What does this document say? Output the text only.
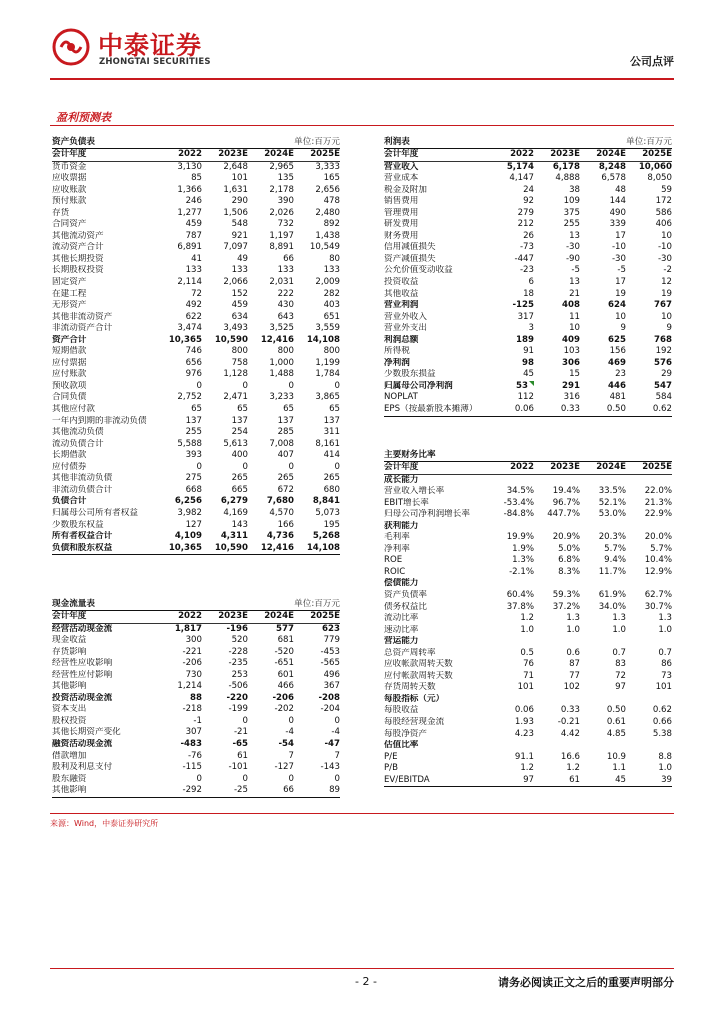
中泰证券
ZHONGTAI SECURITIES	公司点评
盈利预测表
资产负债表	单位:百万元
会计年度	2022	2023E	2024E	2025E
货币资金	3,130	2,648	2,965	3,333
应收票据	85	101	135	165
应收账款	1,366	1,631	2,178	2,656
预付账款	246	290	390	478
存货	1,277	1,506	2,026	2,480
合同资产	459	548	732	892
其他流动资产	787	921	1,197	1,438
流动资产合计	6,891	7,097	8,891	10,549
其他长期投资	41	49	66	80
长期股权投资	133	133	133	133
固定资产	2,114	2,066	2,031	2,009
在建工程	72	152	222	282
无形资产	492	459	430	403
其他非流动资产	622	634	643	651
非流动资产合计	3,474	3,493	3,525	3,559
资产合计	10,365	10,590	12,416	14,108
短期借款	746	800	800	800
应付票据	656	758	1,000	1,199
应付账款	976	1,128	1,488	1,784
预收款项	0	0	0	0
合同负债	2,752	2,471	3,233	3,865
其他应付款	65	65	65	65
一年内到期的非流动负债	137	137	137	137
其他流动负债	255	254	285	311
流动负债合计	5,588	5,613	7,008	8,161
长期借款	393	400	407	414
应付债券	0	0	0	0
其他非流动负债	275	265	265	265
非流动负债合计	668	665	672	680
负债合计	6,256	6,279	7,680	8,841
归属母公司所有者权益	3,982	4,169	4,570	5,073
少数股东权益	127	143	166	195
所有者权益合计	4,109	4,311	4,736	5,268
负债和股东权益	10,365	10,590	12,416	14,108
现金流量表	单位:百万元
会计年度	2022	2023E	2024E	2025E
经营活动现金流	1,817	-196	577	623
现金收益	300	520	681	779
存货影响	-221	-228	-520	-453
经营性应收影响	-206	-235	-651	-565
经营性应付影响	730	253	601	496
其他影响	1,214	-506	466	367
投资活动现金流	88	-220	-206	-208
资本支出	-218	-199	-202	-204
股权投资	-1	0	0	0
其他长期资产变化	307	-21	-4	-4
融资活动现金流	-483	-65	-54	-47
借款增加	-76	61	7	7
股利及利息支付	-115	-101	-127	-143
股东融资	0	0	0	0
其他影响	-292	-25	66	89
利润表	单位:百万元
会计年度	2022	2023E	2024E	2025E
营业收入	5,174	6,178	8,248	10,060
营业成本	4,147	4,888	6,578	8,050
税金及附加	24	38	48	59
销售费用	92	109	144	172
管理费用	279	375	490	586
研发费用	212	255	339	406
财务费用	26	13	17	10
信用减值损失	-73	-30	-10	-10
资产减值损失	-447	-90	-30	-30
公允价值变动收益	-23	-5	-5	-2
投资收益	6	13	17	12
其他收益	18	21	19	19
营业利润	-125	408	624	767
营业外收入	317	11	10	10
营业外支出	3	10	9	9
利润总额	189	409	625	768
所得税	91	103	156	192
净利润	98	306	469	576
少数股东损益	45	15	23	29
归属母公司净利润	53	291	446	547
NOPLAT	112	316	481	584
EPS（按最新股本摊薄）	0.06	0.33	0.50	0.62
主要财务比率
会计年度	2022	2023E	2024E	2025E
成长能力
营业收入增长率	34.5%	19.4%	33.5%	22.0%
EBIT增长率	-53.4%	96.7%	52.1%	21.3%
归母公司净利润增长率	-84.8%	447.7%	53.0%	22.9%
获利能力
毛利率	19.9%	20.9%	20.3%	20.0%
净利率	1.9%	5.0%	5.7%	5.7%
ROE	1.3%	6.8%	9.4%	10.4%
ROIC	-2.1%	8.3%	11.7%	12.9%
偿债能力
资产负债率	60.4%	59.3%	61.9%	62.7%
债务权益比	37.8%	37.2%	34.0%	30.7%
流动比率	1.2	1.3	1.3	1.3
速动比率	1.0	1.0	1.0	1.0
营运能力
总资产周转率	0.5	0.6	0.7	0.7
应收帐款周转天数	76	87	83	86
应付帐款周转天数	71	77	72	73
存货周转天数	101	102	97	101
每股指标（元）
每股收益	0.06	0.33	0.50	0.62
每股经营现金流	1.93	-0.21	0.61	0.66
每股净资产	4.23	4.42	4.85	5.38
估值比率
P/E	91.1	16.6	10.9	8.8
P/B	1.2	1.2	1.1	1.0
EV/EBITDA	97	61	45	39
来源：Wind，中泰证券研究所
- 2 -	请务必阅读正文之后的重要声明部分
